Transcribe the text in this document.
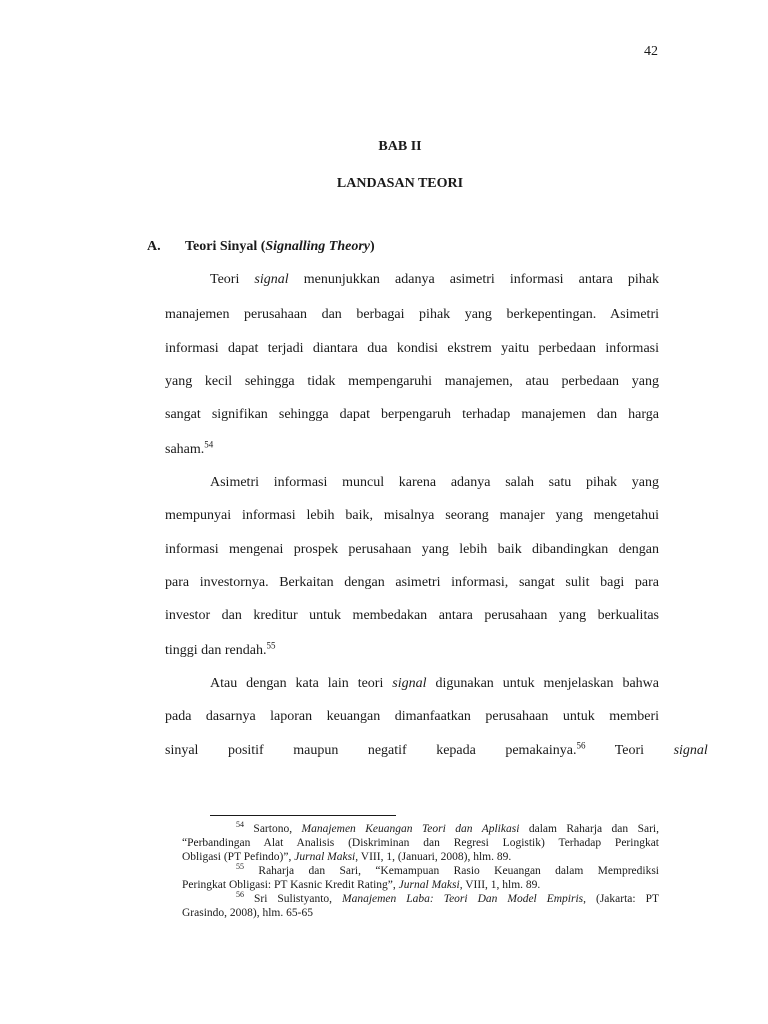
42
BAB II
LANDASAN TEORI
A. Teori Sinyal (Signalling Theory)
Teori signal menunjukkan adanya asimetri informasi antara pihak
manajemen perusahaan dan berbagai pihak yang berkepentingan. Asimetri
informasi dapat terjadi diantara dua kondisi ekstrem yaitu perbedaan informasi
yang kecil sehingga tidak mempengaruhi manajemen, atau perbedaan yang
sangat signifikan sehingga dapat berpengaruh terhadap manajemen dan harga
saham.$^{54}$
Asimetri informasi muncul karena adanya salah satu pihak yang
mempunyai informasi lebih baik, misalnya seorang manajer yang mengetahui
informasi mengenai prospek perusahaan yang lebih baik dibandingkan dengan
para investornya. Berkaitan dengan asimetri informasi, sangat sulit bagi para
investor dan kreditur untuk membedakan antara perusahaan yang berkualitas
tinggi dan rendah.$^{55}$
Atau dengan kata lain teori signal digunakan untuk menjelaskan bahwa
pada dasarnya laporan keuangan dimanfaatkan perusahaan untuk memberi
sinyal positif maupun negatif kepada pemakainya.$^{56}$ Teori signal
$^{54}$ Sartono, Manajemen Keuangan Teori dan Aplikasi dalam Raharja dan Sari,
“Perbandingan Alat Analisis (Diskriminan dan Regresi Logistik) Terhadap Peringkat
Obligasi (PT Pefindo)”, Jurnal Maksi, VIII, 1, (Januari, 2008), hlm. 89.
$^{55}$ Raharja dan Sari, “Kemampuan Rasio Keuangan dalam Memprediksi
Peringkat Obligasi: PT Kasnic Kredit Rating”, Jurnal Maksi, VIII, 1, hlm. 89.
$^{56}$ Sri Sulistyanto, Manajemen Laba: Teori Dan Model Empiris, (Jakarta: PT
Grasindo, 2008), hlm. 65-65
